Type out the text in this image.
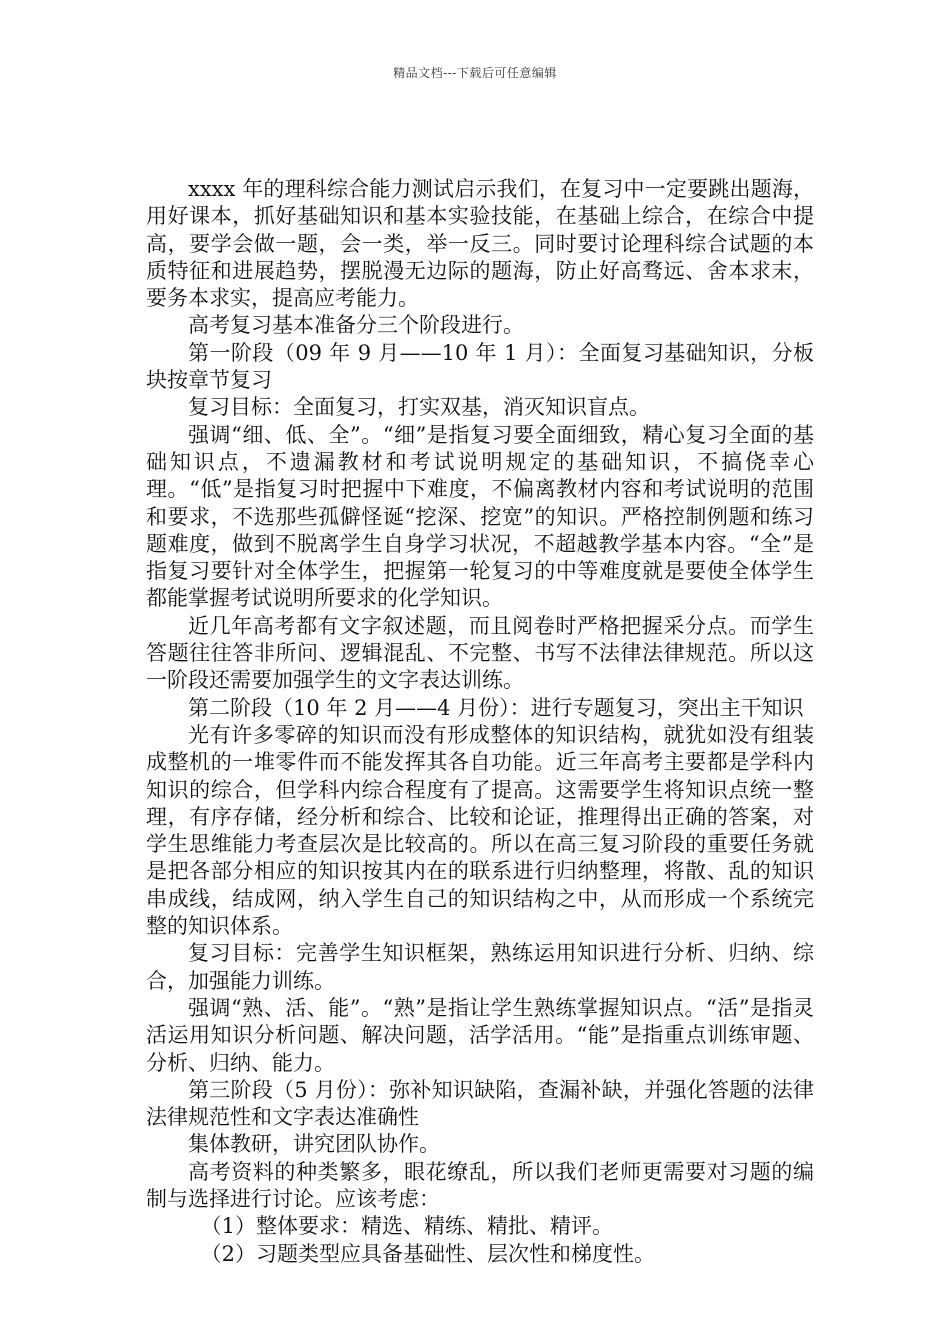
精品文档---下载后可任意编辑

xxxx 年的理科综合能力测试启示我们，在复习中一定要跳出题海，用好课本，抓好基础知识和基本实验技能，在基础上综合，在综合中提高，要学会做一题，会一类，举一反三。同时要讨论理科综合试题的本质特征和进展趋势，摆脱漫无边际的题海，防止好高骛远、舍本求末，要务本求实，提高应考能力。

高考复习基本准备分三个阶段进行。

第一阶段（09 年 9 月——10 年 1 月）：全面复习基础知识，分板块按章节复习

复习目标：全面复习，打实双基，消灭知识盲点。

强调“细、低、全”。“细”是指复习要全面细致，精心复习全面的基础知识点，不遗漏教材和考试说明规定的基础知识，不搞侥幸心理。“低”是指复习时把握中下难度，不偏离教材内容和考试说明的范围和要求，不选那些孤僻怪诞“挖深、挖宽”的知识。严格控制例题和练习题难度，做到不脱离学生自身学习状况，不超越教学基本内容。“全”是指复习要针对全体学生，把握第一轮复习的中等难度就是要使全体学生都能掌握考试说明所要求的化学知识。

近几年高考都有文字叙述题，而且阅卷时严格把握采分点。而学生答题往往答非所问、逻辑混乱、不完整、书写不法律法律规范。所以这一阶段还需要加强学生的文字表达训练。

第二阶段（10 年 2 月——4 月份）：进行专题复习，突出主干知识

光有许多零碎的知识而没有形成整体的知识结构，就犹如没有组装成整机的一堆零件而不能发挥其各自功能。近三年高考主要都是学科内知识的综合，但学科内综合程度有了提高。这需要学生将知识点统一整理，有序存储，经分析和综合、比较和论证，推理得出正确的答案，对学生思维能力考查层次是比较高的。所以在高三复习阶段的重要任务就是把各部分相应的知识按其内在的联系进行归纳整理，将散、乱的知识串成线，结成网，纳入学生自己的知识结构之中，从而形成一个系统完整的知识体系。

复习目标：完善学生知识框架，熟练运用知识进行分析、归纳、综合，加强能力训练。

强调“熟、活、能”。“熟”是指让学生熟练掌握知识点。“活”是指灵活运用知识分析问题、解决问题，活学活用。“能”是指重点训练审题、分析、归纳、能力。

第三阶段（5 月份）：弥补知识缺陷，查漏补缺，并强化答题的法律法律规范性和文字表达准确性

集体教研，讲究团队协作。

高考资料的种类繁多，眼花缭乱，所以我们老师更需要对习题的编制与选择进行讨论。应该考虑：

（1）整体要求：精选、精练、精批、精评。

（2）习题类型应具备基础性、层次性和梯度性。
